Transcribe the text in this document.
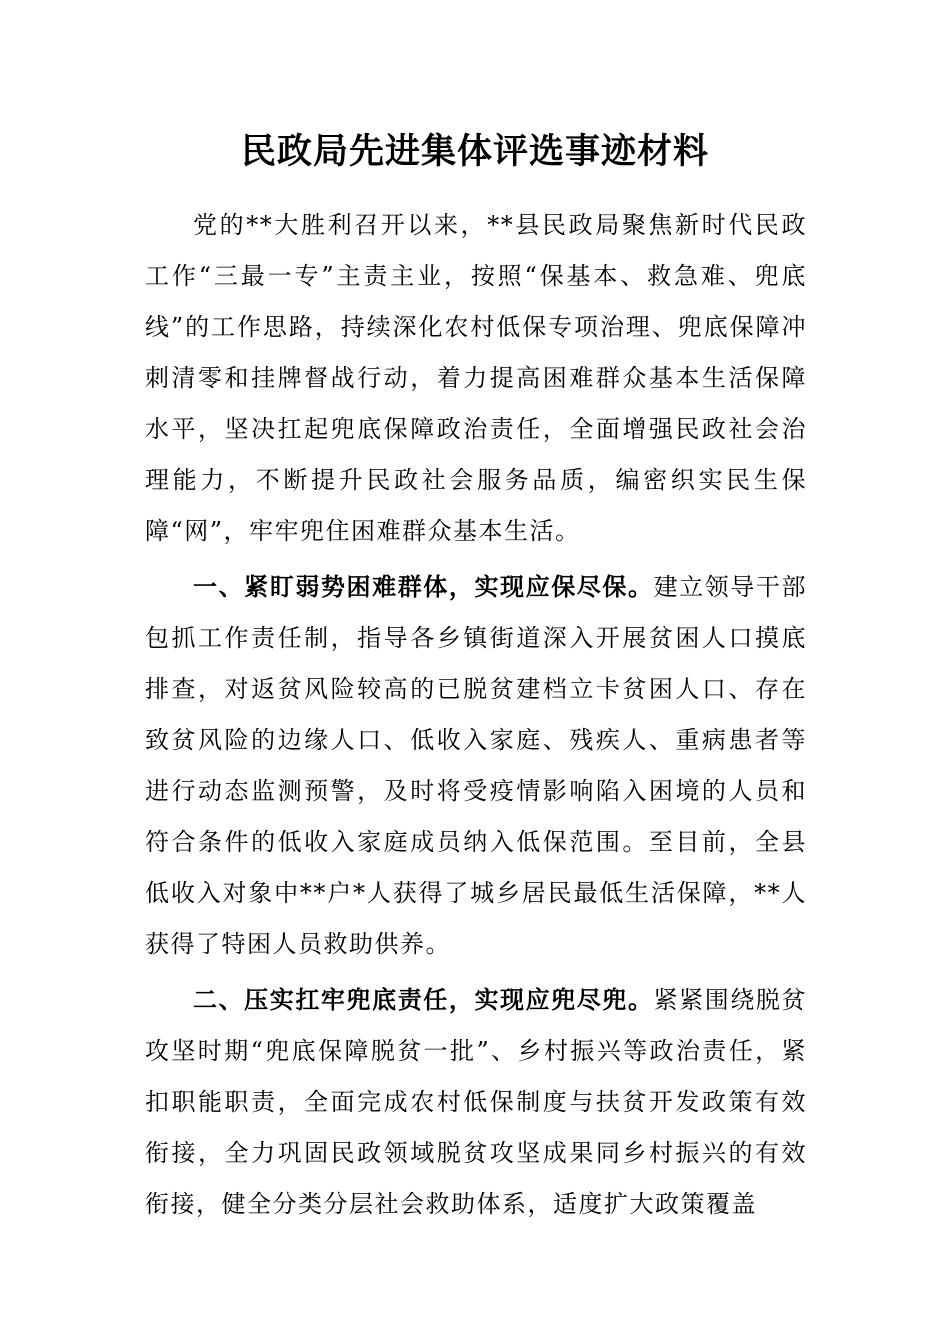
民政局先进集体评选事迹材料

党的**大胜利召开以来，**县民政局聚焦新时代民政工作“三最一专”主责主业，按照“保基本、救急难、兜底线”的工作思路，持续深化农村低保专项治理、兜底保障冲刺清零和挂牌督战行动，着力提高困难群众基本生活保障水平，坚决扛起兜底保障政治责任，全面增强民政社会治理能力，不断提升民政社会服务品质，编密织实民生保障“网”，牢牢兜住困难群众基本生活。

一、紧盯弱势困难群体，实现应保尽保。建立领导干部包抓工作责任制，指导各乡镇街道深入开展贫困人口摸底排查，对返贫风险较高的已脱贫建档立卡贫困人口、存在致贫风险的边缘人口、低收入家庭、残疾人、重病患者等进行动态监测预警，及时将受疫情影响陷入困境的人员和符合条件的低收入家庭成员纳入低保范围。至目前，全县低收入对象中**户*人获得了城乡居民最低生活保障，**人获得了特困人员救助供养。

二、压实扛牢兜底责任，实现应兜尽兜。紧紧围绕脱贫攻坚时期“兜底保障脱贫一批”、乡村振兴等政治责任，紧扣职能职责，全面完成农村低保制度与扶贫开发政策有效衔接，全力巩固民政领域脱贫攻坚成果同乡村振兴的有效衔接，健全分类分层社会救助体系，适度扩大政策覆盖
